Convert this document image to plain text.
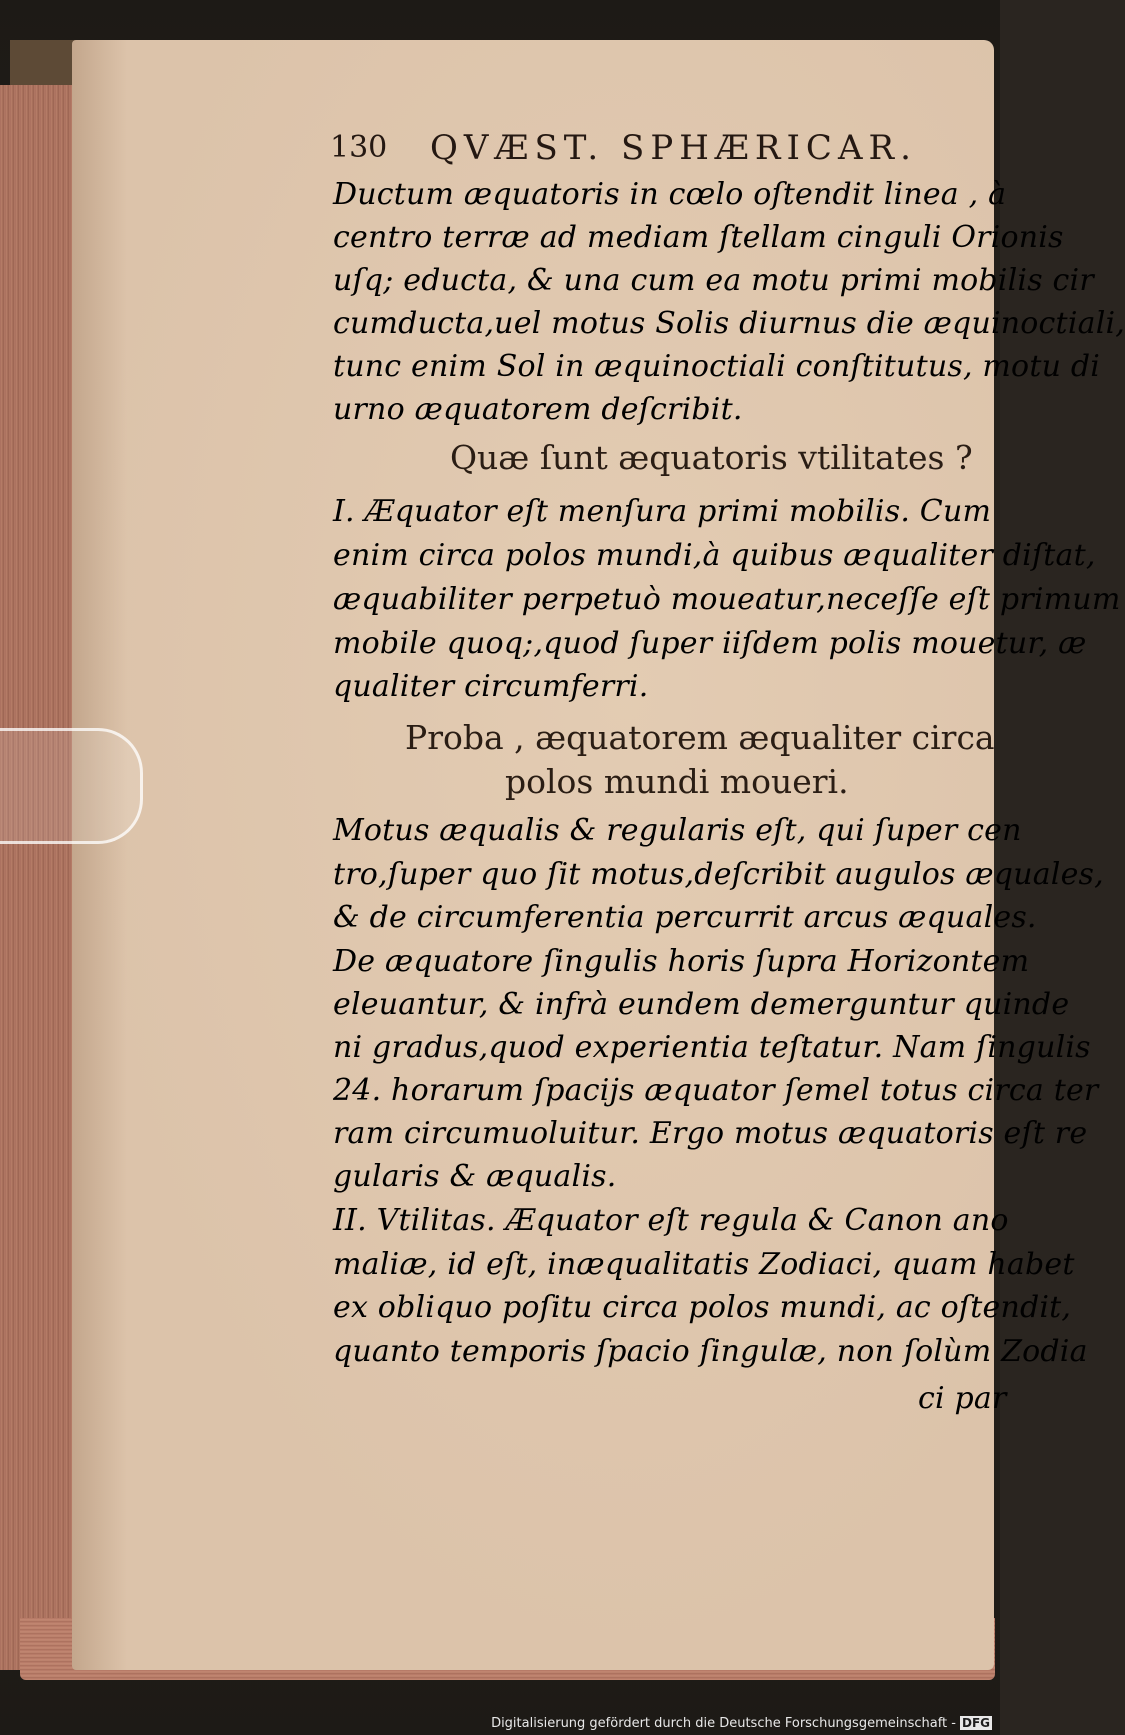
130 QVÆST. SPHÆRICAR.
Ductum æquatoris in cœlo oſtendit linea , à
centro terræ ad mediam ſtellam cinguli Orionis
uſq; educta, & una cum ea motu primi mobilis cir
cumducta,uel motus Solis diurnus die æquinoctiali,
tunc enim Sol in æquinoctiali conſtitutus, motu di
urno æquatorem deſcribit.
Quæ ſunt æquatoris vtilitates ?
I. Æquator eſt menſura primi mobilis. Cum
enim circa polos mundi,à quibus æqualiter diſtat,
æquabiliter perpetuò moueatur,neceſſe eſt primum
mobile quoq;,quod ſuper iiſdem polis mouetur, æ
qualiter circumferri.
Proba , æquatorem æqualiter circa
polos mundi moueri.
Motus æqualis & regularis eſt, qui ſuper cen
tro,ſuper quo ſit motus,deſcribit augulos æquales,
& de circumferentia percurrit arcus æquales.
De æquatore ſingulis horis ſupra Horizontem
eleuantur, & infrà eundem demerguntur quinde
ni gradus,quod experientia teſtatur. Nam ſingulis
24. horarum ſpacijs æquator ſemel totus circa ter
ram circumuoluitur. Ergo motus æquatoris eſt re
gularis & æqualis.
II. Vtilitas. Æquator eſt regula & Canon ano
maliæ, id eſt, inæqualitatis Zodiaci, quam habet
ex obliquo poſitu circa polos mundi, ac oſtendit,
quanto temporis ſpacio ſingulæ, non ſolùm Zodia
ci par
Digitalisierung gefördert durch die Deutsche Forschungsgemeinschaft - DFG
